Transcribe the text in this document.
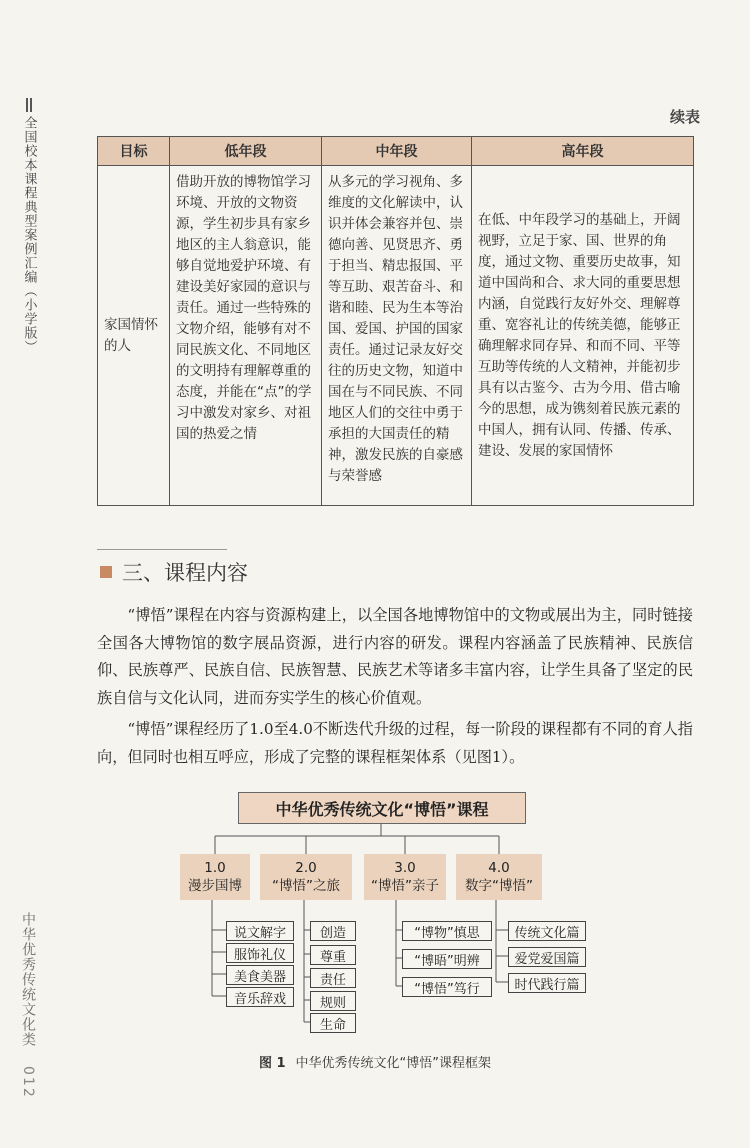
全国校本课程典型案例汇编（小学版）	续表
目标	低年段	中年段	高年段
家国情怀的人	借助开放的博物馆学习环境、开放的文物资源，学生初步具有家乡地区的主人翁意识，能够自觉地爱护环境、有建设美好家园的意识与责任。通过一些特殊的文物介绍，能够有对不同民族文化、不同地区的文明持有理解尊重的态度，并能在“点”的学习中激发对家乡、对祖国的热爱之情	从多元的学习视角、多维度的文化解读中，认识并体会兼容并包、崇德向善、见贤思齐、勇于担当、精忠报国、平等互助、艰苦奋斗、和谐和睦、民为生本等治国、爱国、护国的国家责任。通过记录友好交往的历史文物，知道中国在与不同民族、不同地区人们的交往中勇于承担的大国责任的精神，激发民族的自豪感与荣誉感	在低、中年段学习的基础上，开阔视野，立足于家、国、世界的角度，通过文物、重要历史故事，知道中国尚和合、求大同的重要思想内涵，自觉践行友好外交、理解尊重、宽容礼让的传统美德，能够正确理解求同存异、和而不同、平等互助等传统的人文精神，并能初步具有以古鉴今、古为今用、借古喻今的思想，成为镌刻着民族元素的中国人，拥有认同、传播、传承、建设、发展的家国情怀
三、课程内容

“博悟”课程在内容与资源构建上，以全国各地博物馆中的文物或展出为主，同时链接全国各大博物馆的数字展品资源，进行内容的研发。课程内容涵盖了民族精神、民族信仰、民族尊严、民族自信、民族智慧、民族艺术等诸多丰富内容，让学生具备了坚定的民族自信与文化认同，进而夯实学生的核心价值观。

“博悟”课程经历了1.0至4.0不断迭代升级的过程，每一阶段的课程都有不同的育人指向，但同时也相互呼应，形成了完整的课程框架体系（见图1）。

中华优秀传统文化“博悟”课程
1.0
漫步国博
2.0
“博悟”之旅
3.0
“博悟”亲子
4.0
数字“博悟”
说文解字
服饰礼仪
美食美器
音乐辞戏
创造
尊重
责任
规则
生命
“博物”慎思
“博晤”明辨
“博悟”笃行
传统文化篇
爱党爱国篇
时代践行篇
图 1 中华优秀传统文化“博悟”课程框架
中华优秀传统文化类 012
